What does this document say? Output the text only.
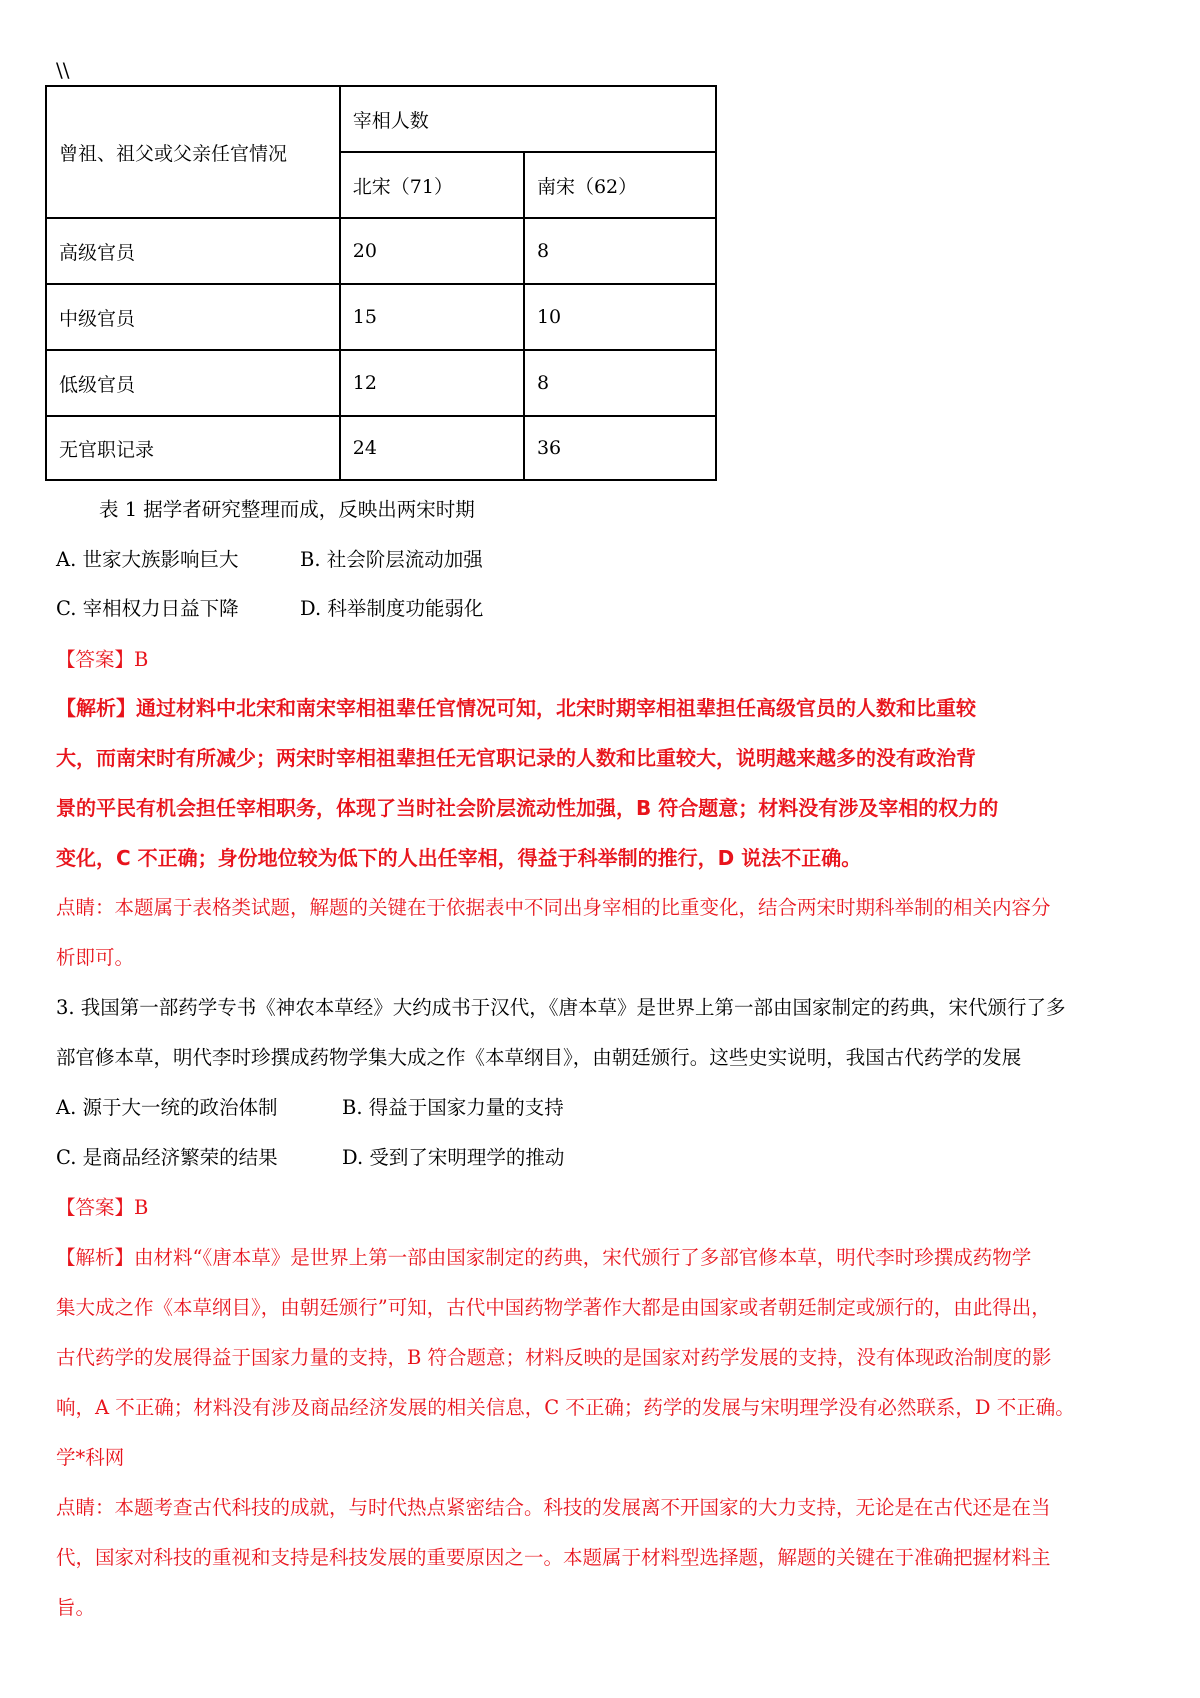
\\
曾祖、祖父或父亲任官情况	宰相人数	
	北宋（71）	南宋（62）
高级官员	20	8
中级官员	15	10
低级官员	12	8
无官职记录	24	36
表 1 据学者研究整理而成，反映出两宋时期
A. 世家大族影响巨大	B. 社会阶层流动加强
C. 宰相权力日益下降	D. 科举制度功能弱化
【答案】B
【解析】通过材料中北宋和南宋宰相祖辈任官情况可知，北宋时期宰相祖辈担任高级官员的人数和比重较
大，而南宋时有所减少；两宋时宰相祖辈担任无官职记录的人数和比重较大，说明越来越多的没有政治背
景的平民有机会担任宰相职务，体现了当时社会阶层流动性加强，B 符合题意；材料没有涉及宰相的权力的
变化，C 不正确；身份地位较为低下的人出任宰相，得益于科举制的推行，D 说法不正确。
点睛：本题属于表格类试题，解题的关键在于依据表中不同出身宰相的比重变化，结合两宋时期科举制的相关内容分
析即可。
3. 我国第一部药学专书《神农本草经》大约成书于汉代，《唐本草》是世界上第一部由国家制定的药典，宋代颁行了多
部官修本草，明代李时珍撰成药物学集大成之作《本草纲目》，由朝廷颁行。这些史实说明，我国古代药学的发展
A. 源于大一统的政治体制	B. 得益于国家力量的支持
C. 是商品经济繁荣的结果	D. 受到了宋明理学的推动
【答案】B
【解析】由材料“《唐本草》是世界上第一部由国家制定的药典，宋代颁行了多部官修本草，明代李时珍撰成药物学
集大成之作《本草纲目》，由朝廷颁行”可知，古代中国药物学著作大都是由国家或者朝廷制定或颁行的，由此得出，
古代药学的发展得益于国家力量的支持，B 符合题意；材料反映的是国家对药学发展的支持，没有体现政治制度的影
响，A 不正确；材料没有涉及商品经济发展的相关信息，C 不正确；药学的发展与宋明理学没有必然联系，D 不正确。
学*科网
点睛：本题考查古代科技的成就，与时代热点紧密结合。科技的发展离不开国家的大力支持，无论是在古代还是在当
代，国家对科技的重视和支持是科技发展的重要原因之一。本题属于材料型选择题，解题的关键在于准确把握材料主
旨。
